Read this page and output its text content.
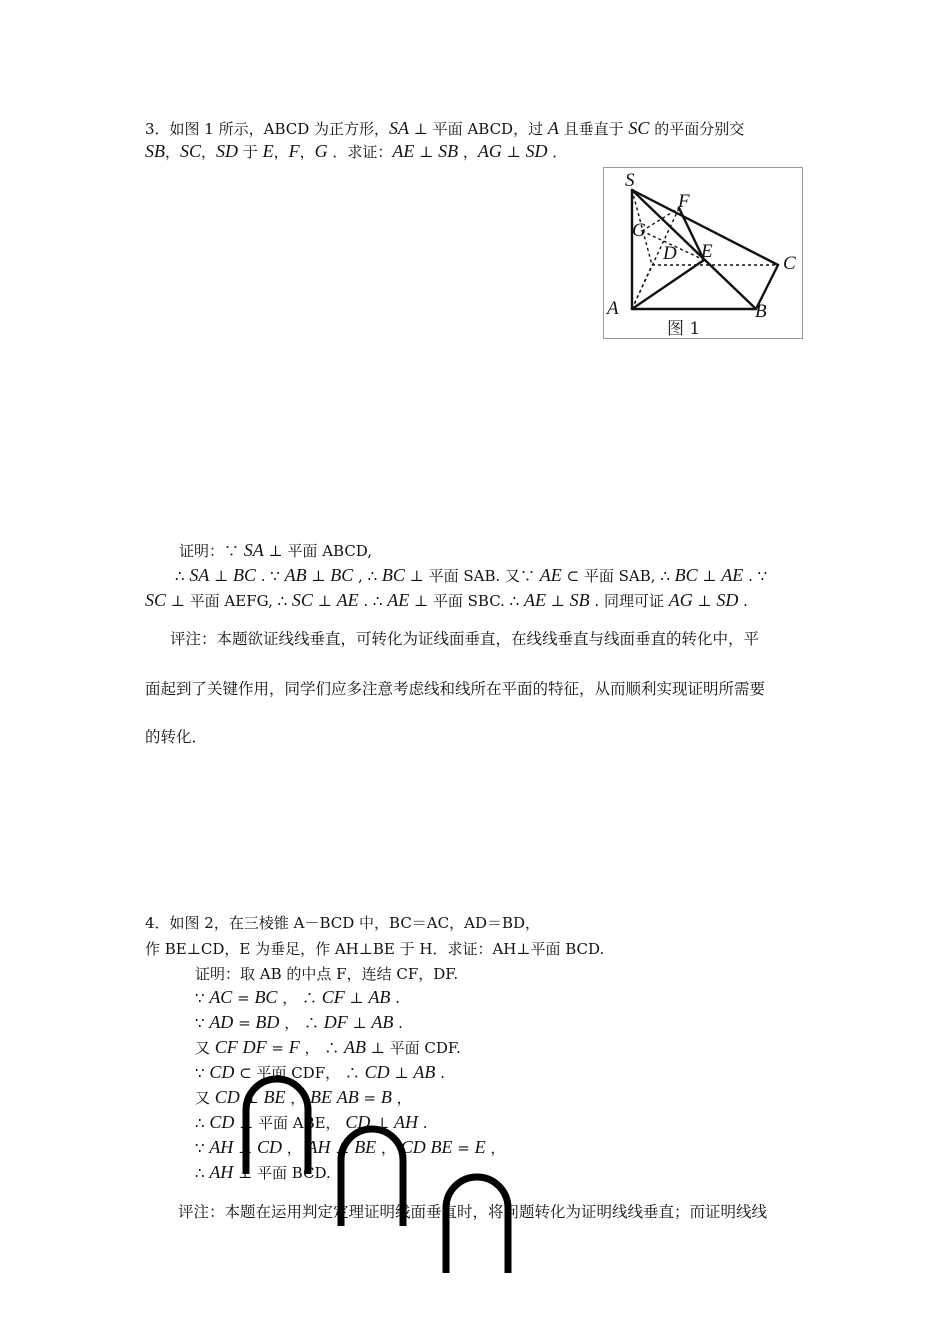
3．如图 1 所示，ABCD 为正方形，SA ⊥ 平面 ABCD，过 A 且垂直于 SC 的平面分别交
SB，SC，SD 于 E，F，G ．求证：AE ⊥ SB ，AG ⊥ SD ．
S
F
G
D E
C
A	B
图 1
证明：∵ SA ⊥ 平面 ABCD,
∴ SA ⊥ BC . ∵ AB ⊥ BC , ∴ BC ⊥ 平面 SAB. 又∵ AE ⊂ 平面 SAB, ∴ BC ⊥ AE . ∵
SC ⊥ 平面 AEFG, ∴ SC ⊥ AE . ∴ AE ⊥ 平面 SBC. ∴ AE ⊥ SB . 同理可证 AG ⊥ SD .
评注：本题欲证线线垂直，可转化为证线面垂直，在线线垂直与线面垂直的转化中，平
面起到了关键作用，同学们应多注意考虑线和线所在平面的特征，从而顺利实现证明所需要
的转化．
4．如图 2，在三棱锥 A－BCD 中，BC＝AC，AD＝BD，
作 BE⊥CD，E 为垂足，作 AH⊥BE 于 H．求证：AH⊥平面 BCD.
证明：取 AB 的中点 F，连结 CF，DF.
∵ AC = BC ， ∴ CF ⊥ AB .
∵ AD = BD ， ∴ DF ⊥ AB .
又 CF DF = F ， ∴ AB ⊥ 平面 CDF.
∵ CD ⊂ 平面 CDF， ∴ CD ⊥ AB .
又 CD ⊥ BE ， BE AB = B ，
∴ CD ⊥ 平面 ABE， CD ⊥ AH .
∵ AH ⊥ CD ， AH ⊥ BE ， CD BE = E ，
∴ AH ⊥ 平面 BCD.
评注：本题在运用判定定理证明线面垂直时，将问题转化为证明线线垂直；而证明线线
